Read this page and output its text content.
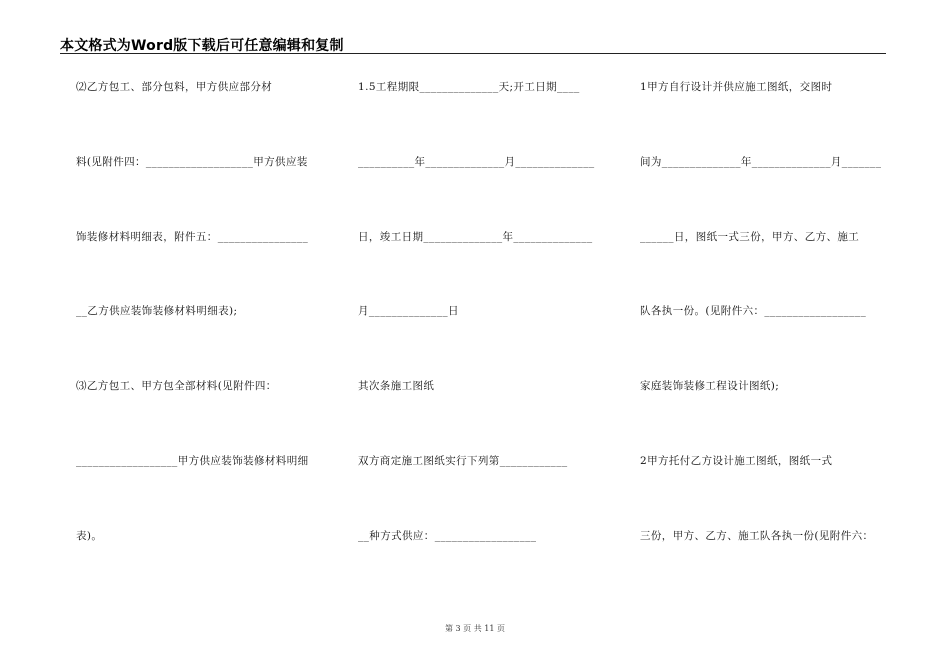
本文格式为Word版下载后可任意编辑和复制
⑵乙方包工、部分包料，甲方供应部分材
料(见附件四：___________________甲方供应装
饰装修材料明细表，附件五：________________
__乙方供应装饰装修材料明细表);
⑶乙方包工、甲方包全部材料(见附件四：
__________________甲方供应装饰装修材料明细
表)。
1.5工程期限______________天;开工日期____
__________年______________月______________
日，竣工日期______________年______________
月______________日
其次条施工图纸
双方商定施工图纸实行下列第____________
__种方式供应：__________________
1甲方自行设计并供应施工图纸，交图时
间为______________年______________月_______
______日，图纸一式三份，甲方、乙方、施工
队各执一份。(见附件六：__________________
家庭装饰装修工程设计图纸);
2甲方托付乙方设计施工图纸，图纸一式
三份，甲方、乙方、施工队各执一份(见附件六：
第 3 页 共 11 页
